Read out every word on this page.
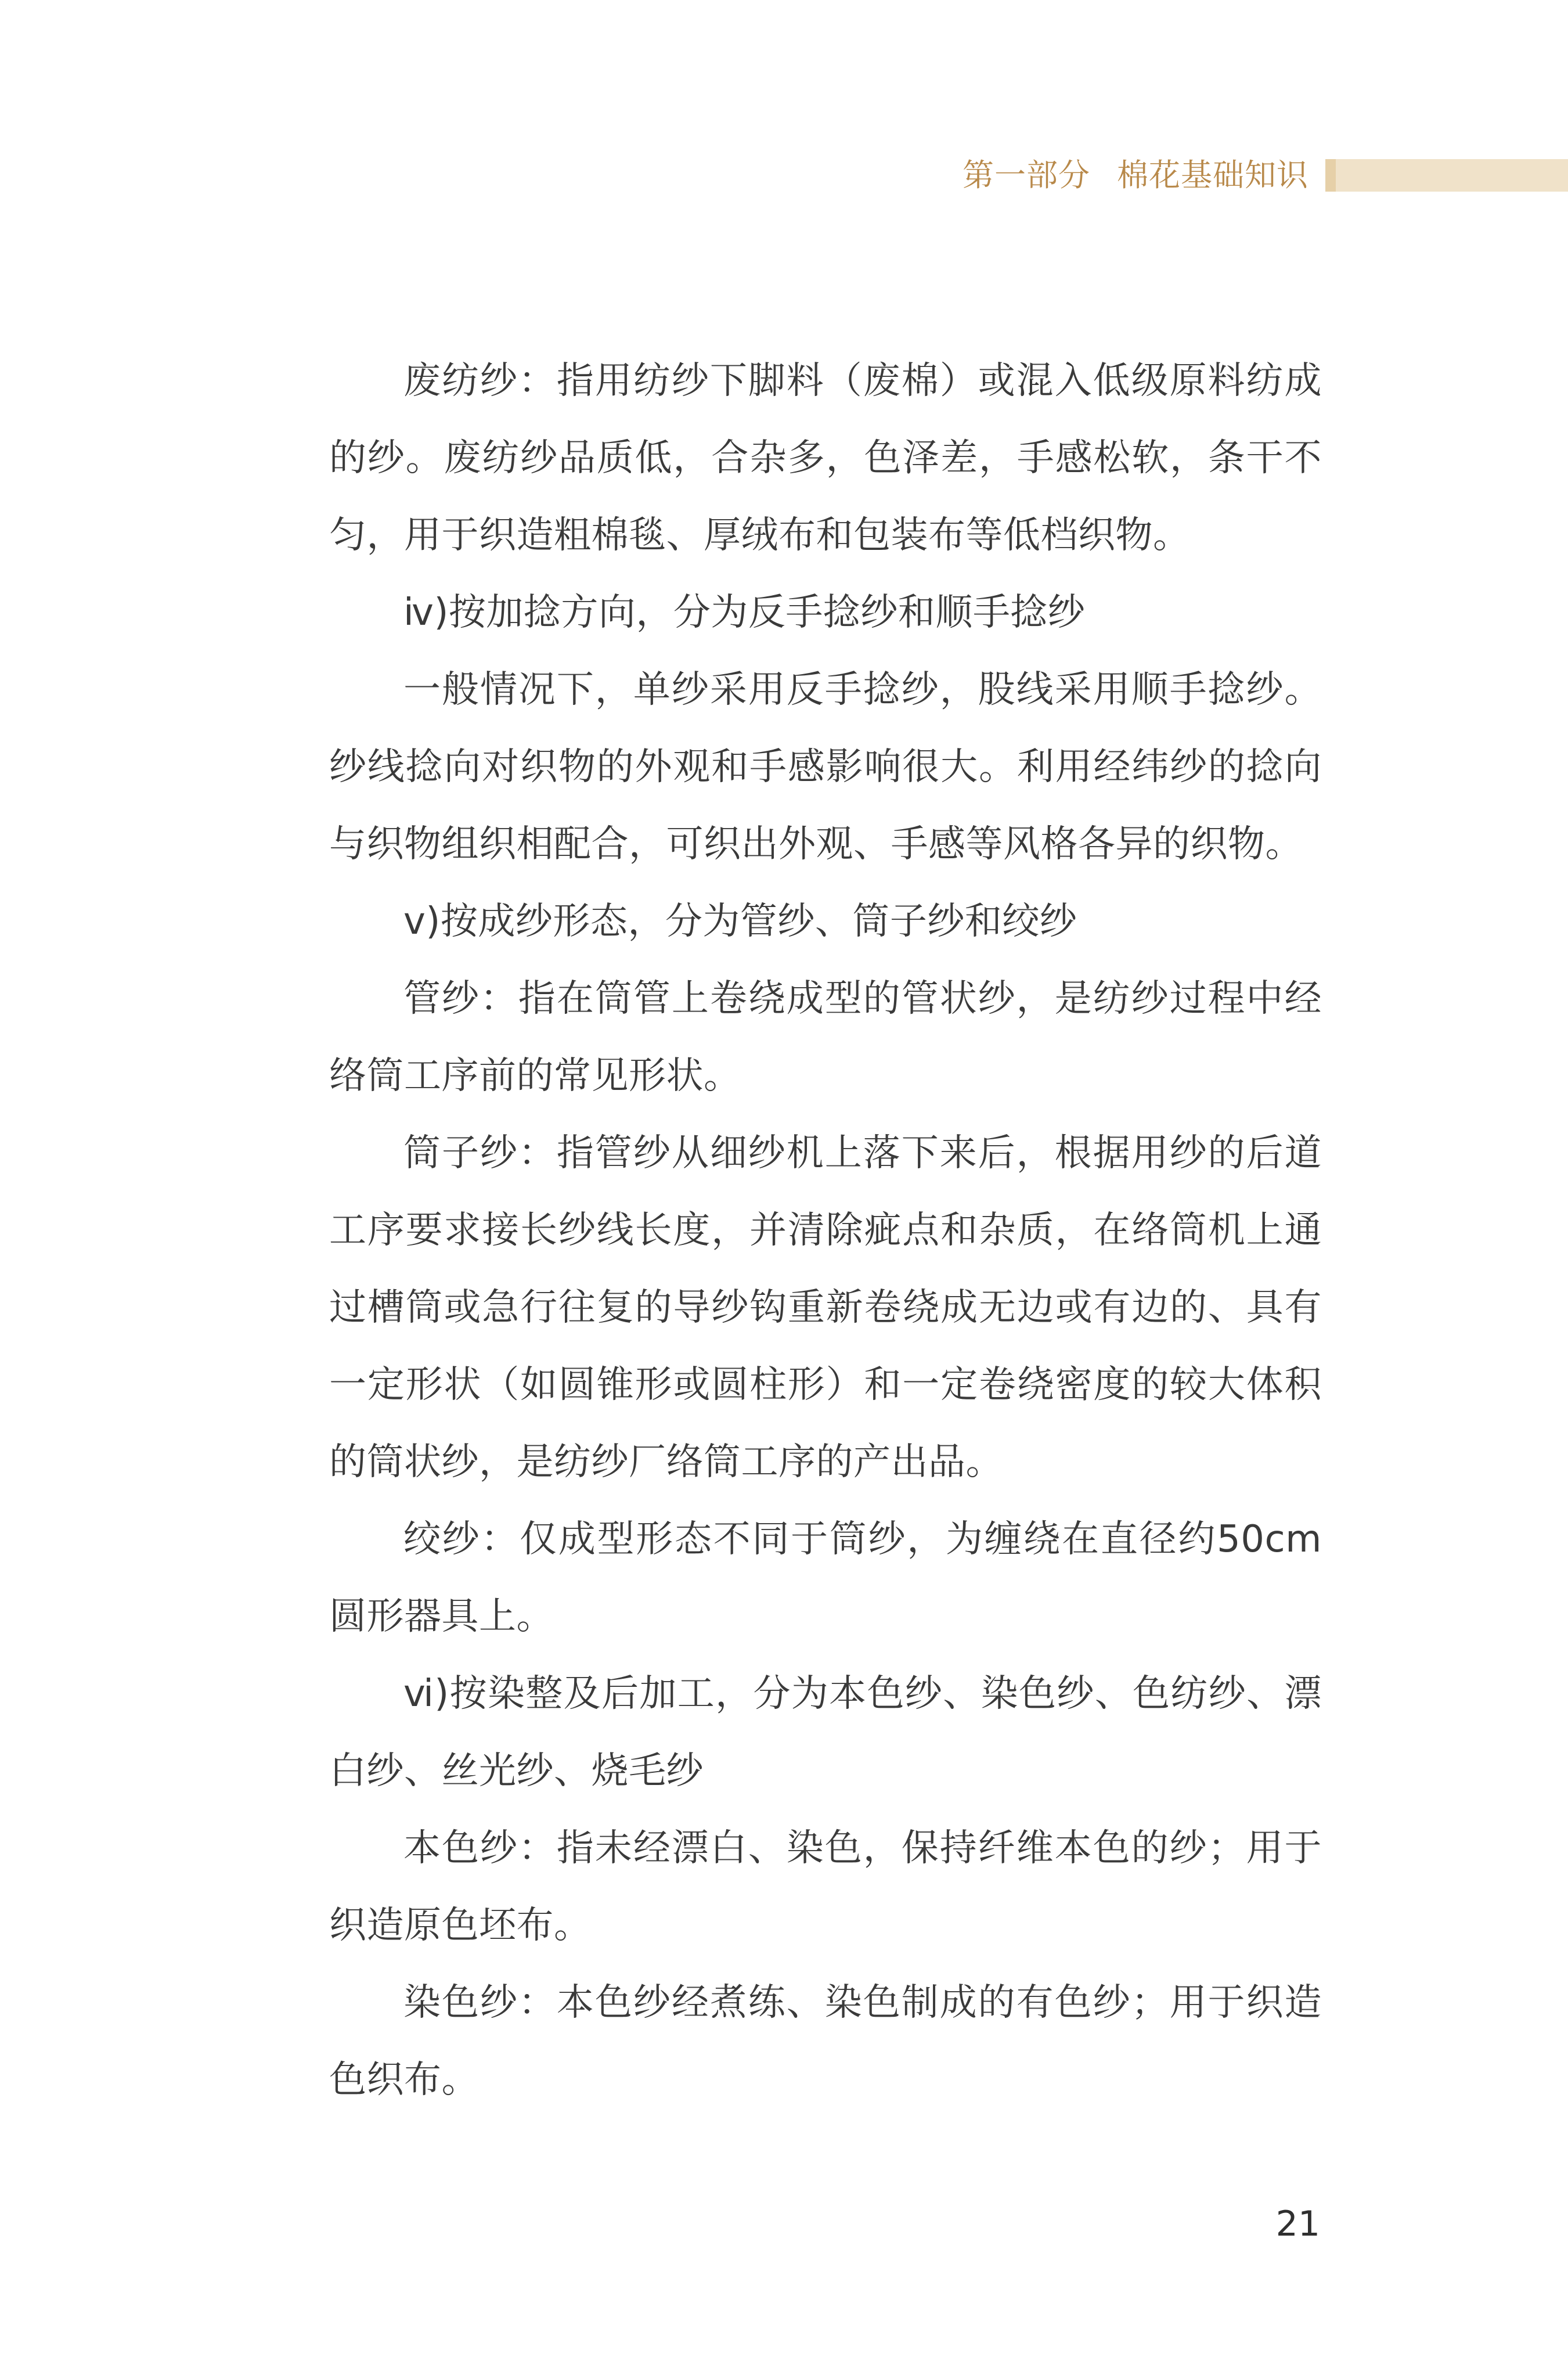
第一部分 棉花基础知识

废纺纱：指用纺纱下脚料（废棉）或混入低级原料纺成的纱。废纺纱品质低，合杂多，色泽差，手感松软，条干不匀，用于织造粗棉毯、厚绒布和包装布等低档织物。

ⅳ)按加捻方向，分为反手捻纱和顺手捻纱

一般情况下，单纱采用反手捻纱，股线采用顺手捻纱。纱线捻向对织物的外观和手感影响很大。利用经纬纱的捻向与织物组织相配合，可织出外观、手感等风格各异的织物。

ⅴ)按成纱形态，分为管纱、筒子纱和绞纱

管纱：指在筒管上卷绕成型的管状纱，是纺纱过程中经络筒工序前的常见形状。

筒子纱：指管纱从细纱机上落下来后，根据用纱的后道工序要求接长纱线长度，并清除疵点和杂质，在络筒机上通过槽筒或急行往复的导纱钩重新卷绕成无边或有边的、具有一定形状（如圆锥形或圆柱形）和一定卷绕密度的较大体积的筒状纱，是纺纱厂络筒工序的产出品。

绞纱：仅成型形态不同于筒纱，为缠绕在直径约50cm圆形器具上。

ⅵ)按染整及后加工，分为本色纱、染色纱、色纺纱、漂白纱、丝光纱、烧毛纱

本色纱：指未经漂白、染色，保持纤维本色的纱；用于织造原色坯布。

染色纱：本色纱经煮练、染色制成的有色纱；用于织造色织布。

21
